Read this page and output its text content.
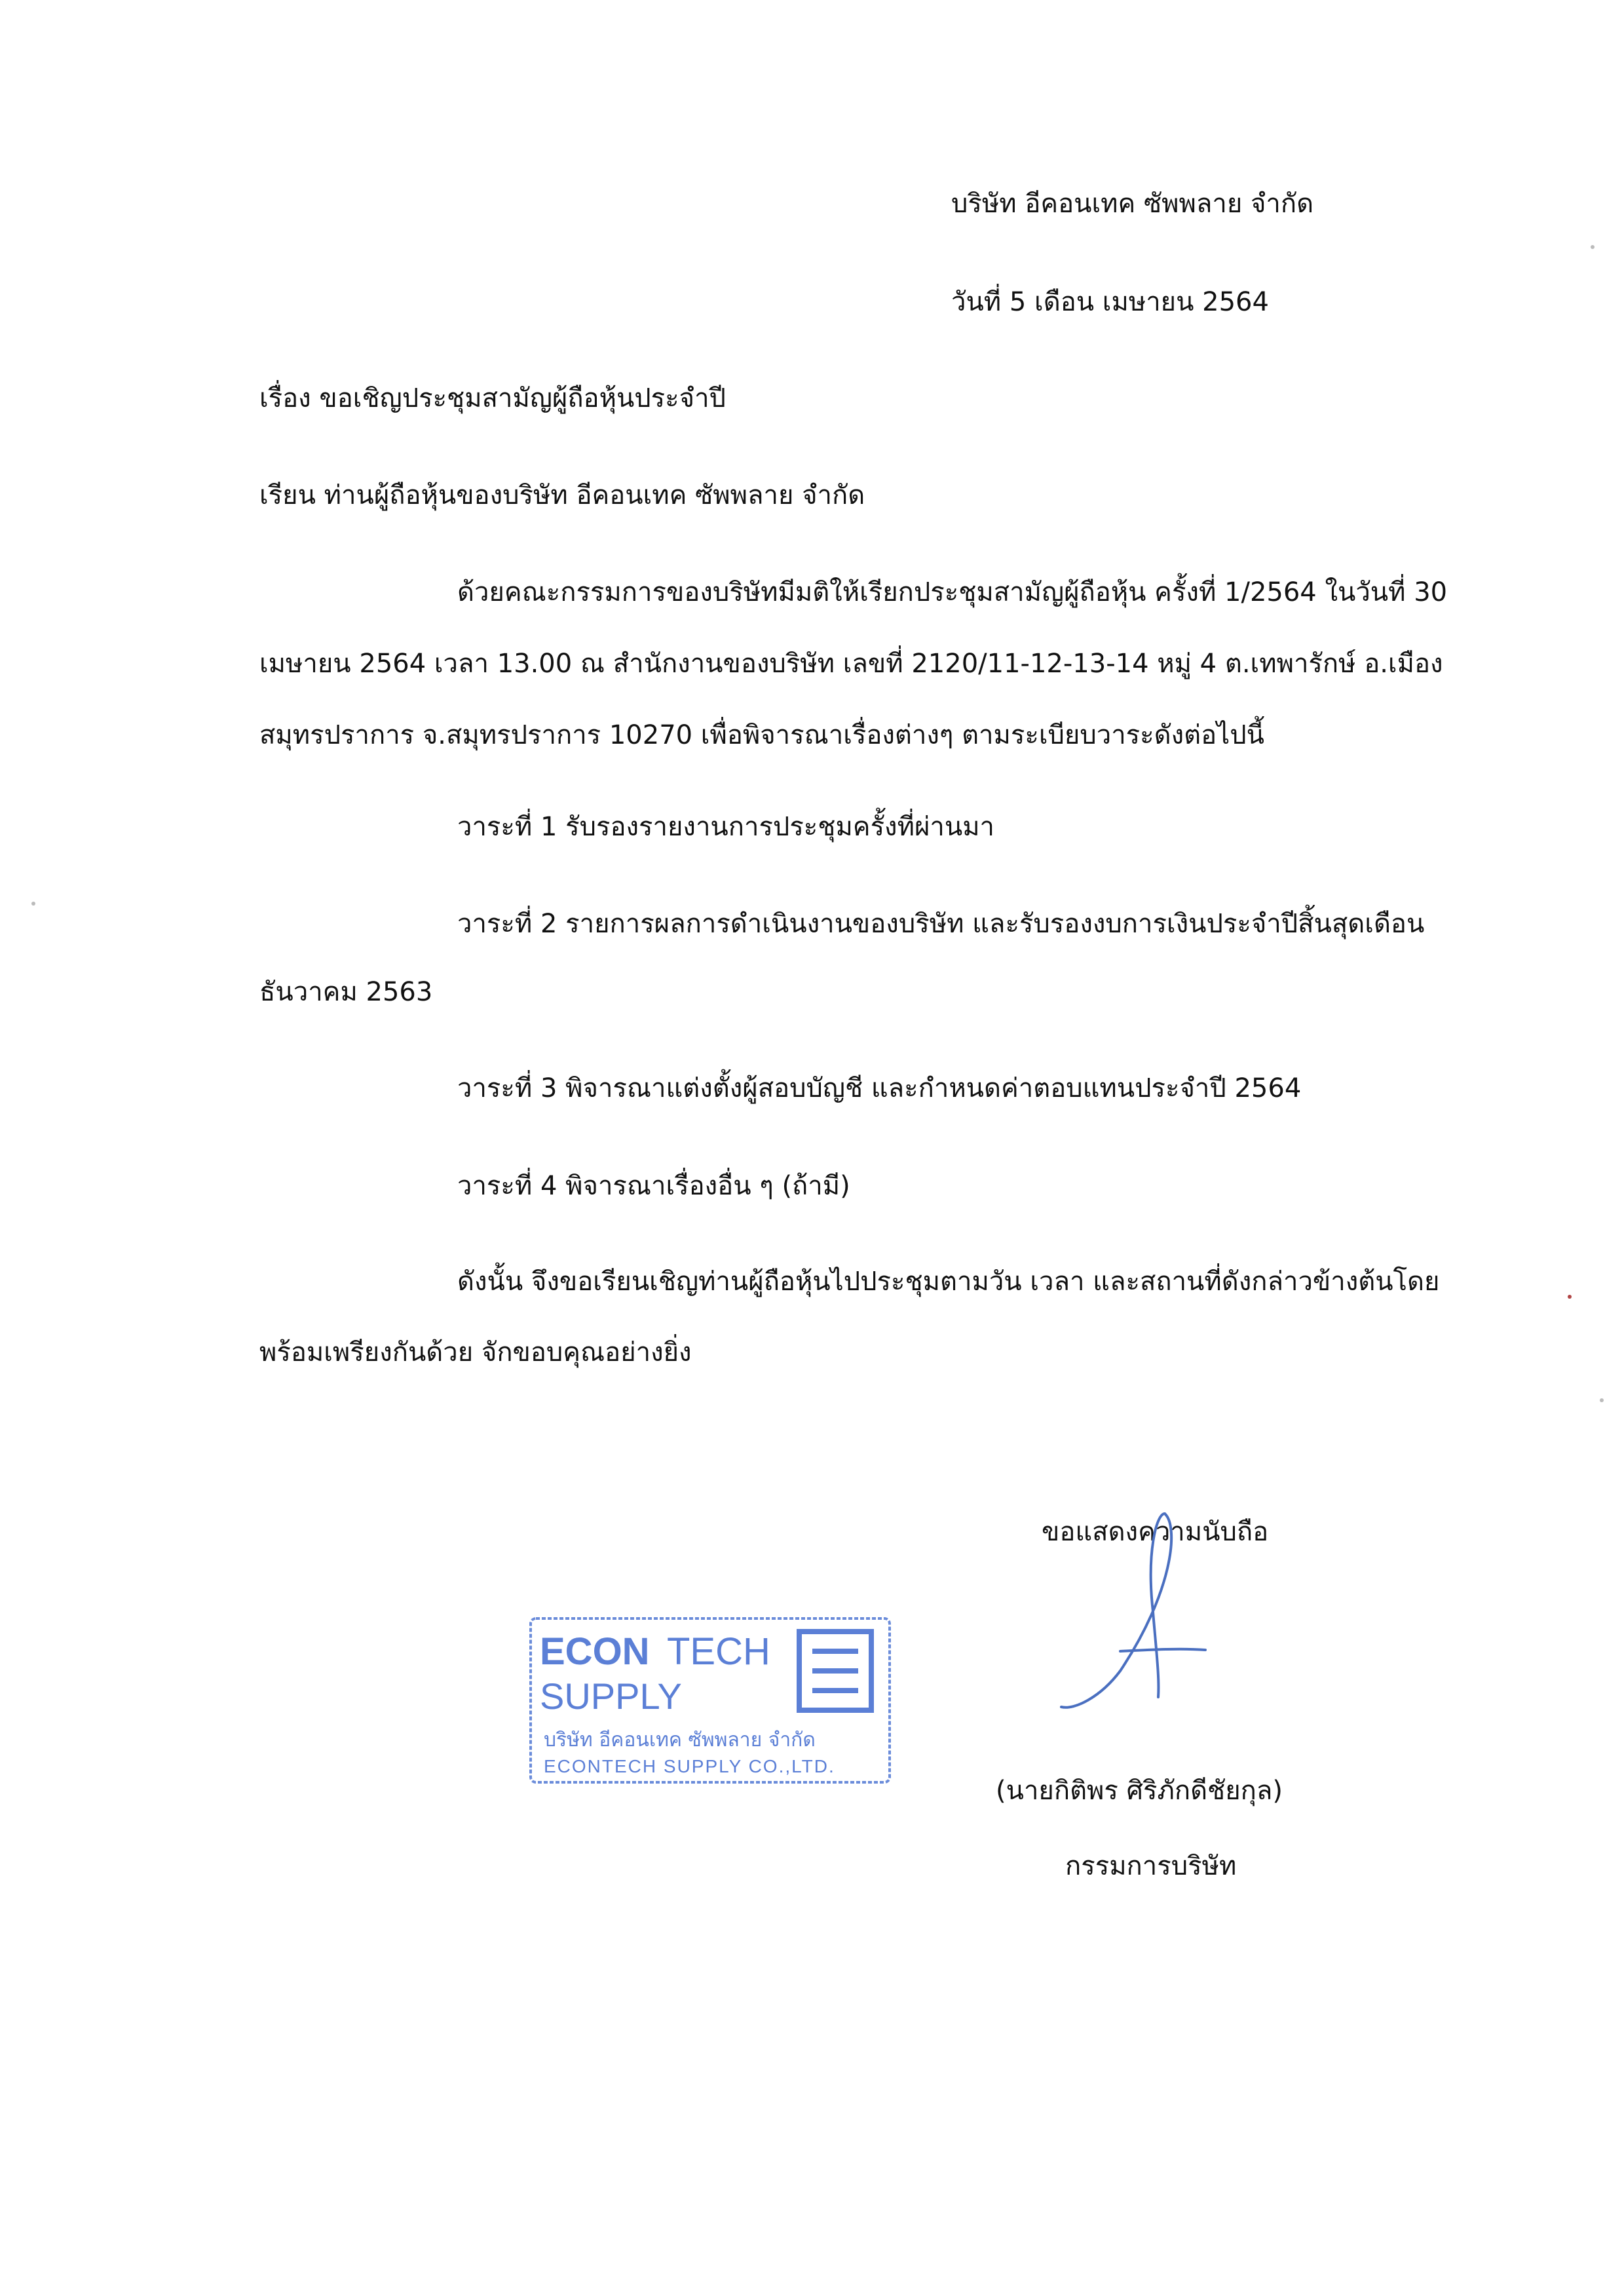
บริษัท อีคอนเทค ซัพพลาย จำกัด
วันที่ 5 เดือน เมษายน 2564
เรื่อง ขอเชิญประชุมสามัญผู้ถือหุ้นประจำปี
เรียน ท่านผู้ถือหุ้นของบริษัท อีคอนเทค ซัพพลาย จำกัด
ด้วยคณะกรรมการของบริษัทมีมติให้เรียกประชุมสามัญผู้ถือหุ้น ครั้งที่ 1/2564 ในวันที่ 30
เมษายน 2564 เวลา 13.00 ณ สำนักงานของบริษัท เลขที่ 2120/11-12-13-14 หมู่ 4 ต.เทพารักษ์ อ.เมือง
สมุทรปราการ จ.สมุทรปราการ 10270 เพื่อพิจารณาเรื่องต่างๆ ตามระเบียบวาระดังต่อไปนี้
วาระที่ 1 รับรองรายงานการประชุมครั้งที่ผ่านมา
วาระที่ 2 รายการผลการดำเนินงานของบริษัท และรับรองงบการเงินประจำปีสิ้นสุดเดือน
ธันวาคม 2563
วาระที่ 3 พิจารณาแต่งตั้งผู้สอบบัญชี และกำหนดค่าตอบแทนประจำปี 2564
วาระที่ 4 พิจารณาเรื่องอื่น ๆ (ถ้ามี)
ดังนั้น จึงขอเรียนเชิญท่านผู้ถือหุ้นไปประชุมตามวัน เวลา และสถานที่ดังกล่าวข้างต้นโดย
พร้อมเพรียงกันด้วย จักขอบคุณอย่างยิ่ง
ขอแสดงความนับถือ
(นายกิติพร ศิริภักดีชัยกุล)
กรรมการบริษัท
ECON TECH
SUPPLY
บริษัท อีคอนเทค ซัพพลาย จำกัด
ECONTECH SUPPLY CO.,LTD.
